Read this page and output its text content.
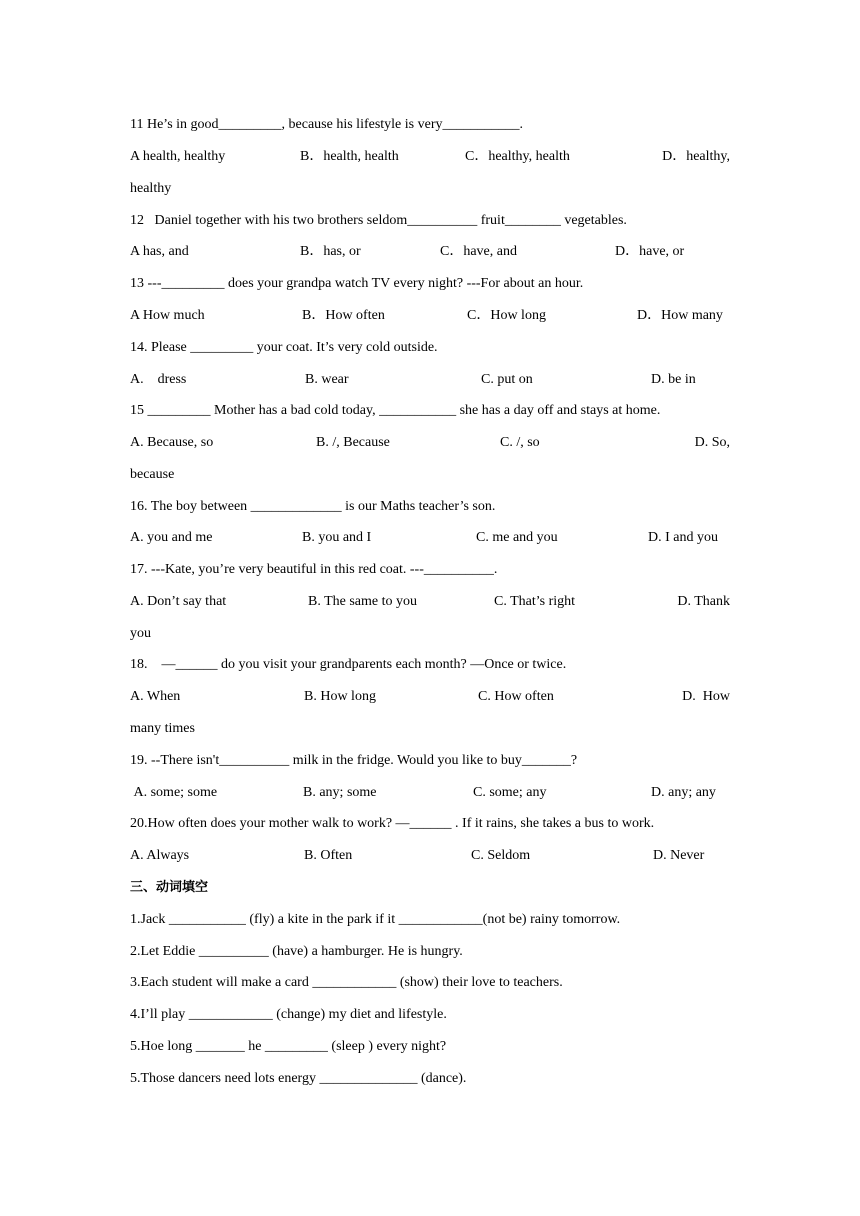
11 He’s in good_________, because his lifestyle is very___________.
A health, healthy	B．health, health	C．healthy, health	D．healthy,
healthy
12   Daniel together with his two brothers seldom__________ fruit________ vegetables.
A has, and	B．has, or	C．have, and	D．have, or
13 ---_________ does your grandpa watch TV every night? ---For about an hour.
A How much	B．How often	C．How long	D．How many
14. Please _________ your coat. It’s very cold outside.
A.    dress	B. wear	C. put on	D. be in
15 _________ Mother has a bad cold today, ___________ she has a day off and stays at home.
A. Because, so	B. /, Because	C. /, so	D. So,
because
16. The boy between _____________ is our Maths teacher’s son.
A. you and me	B. you and I	C. me and you	D. I and you
17. ---Kate, you’re very beautiful in this red coat. ---__________.
A. Don’t say that	B. The same to you	C. That’s right	D. Thank
you
18.    —______ do you visit your grandparents each month? —Once or twice.
A. When	B. How long	C. How often	D.  How
many times
19. --There isn't__________ milk in the fridge. Would you like to buy_______?
A. some; some	B. any; some	C. some; any	D. any; any
20.How often does your mother walk to work? —______ . If it rains, she takes a bus to work.
A. Always	B. Often	C. Seldom	D. Never
三、动词填空
1.Jack ___________ (fly) a kite in the park if it ____________(not be) rainy tomorrow.
2.Let Eddie __________ (have) a hamburger. He is hungry.
3.Each student will make a card ____________ (show) their love to teachers.
4.I’ll play ____________ (change) my diet and lifestyle.
5.Hoe long _______ he _________ (sleep ) every night?
5.Those dancers need lots energy ______________ (dance).
